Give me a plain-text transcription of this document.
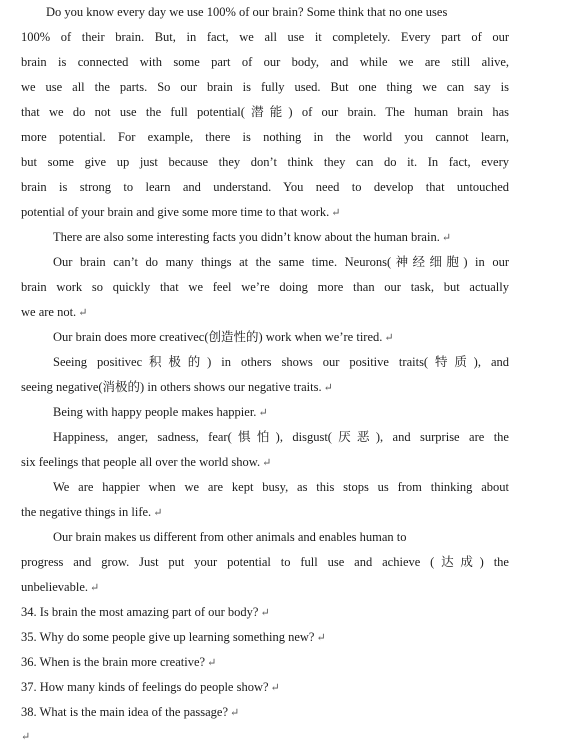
Do you know every day we use 100% of our brain? Some think that no one uses
100% of their brain. But, in fact, we all use it completely. Every part of our
brain is connected with some part of our body, and while we are still alive,
we use all the parts. So our brain is fully used. But one thing we can say is
that we do not use the full potential(潜能) of our brain. The human brain has
more potential. For example, there is nothing in the world you cannot learn,
but some give up just because they don’t think they can do it. In fact, every
brain is strong to learn and understand. You need to develop that untouched
potential of your brain and give some more time to that work. ↵
There are also some interesting facts you didn’t know about the human brain. ↵
Our brain can’t do many things at the same time. Neurons(神经细胞) in our
brain work so quickly that we feel we’re doing more than our task, but actually
we are not. ↵
Our brain does more creativec(创造性的) work when we’re tired. ↵
Seeing positivec积极的) in others shows our positive traits(特质), and
seeing negative(消极的) in others shows our negative traits. ↵
Being with happy people makes happier. ↵
Happiness, anger, sadness, fear(惧怕), disgust(厌恶), and surprise are the
six feelings that people all over the world show. ↵
We are happier when we are kept busy, as this stops us from thinking about
the negative things in life. ↵
Our brain makes us different from other animals and enables human to
progress and grow. Just put your potential to full use and achieve (达成) the
unbelievable. ↵
34. Is brain the most amazing part of our body? ↵
35. Why do some people give up learning something new? ↵
36. When is the brain more creative? ↵
37. How many kinds of feelings do people show? ↵
38. What is the main idea of the passage? ↵
↵
